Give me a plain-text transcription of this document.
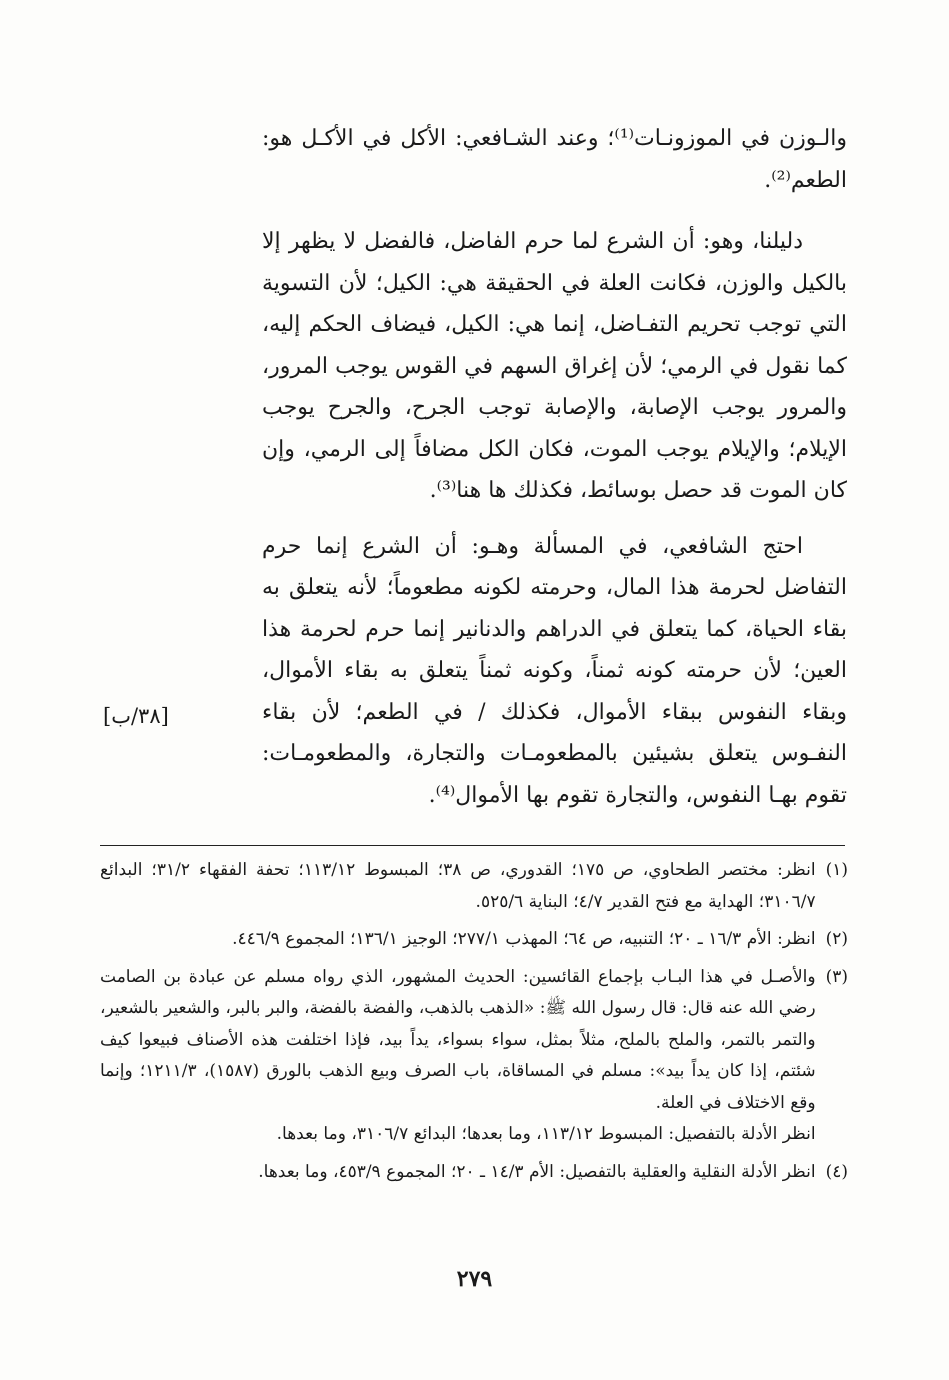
والـوزن في الموزونـات⁽¹⁾؛ وعند الشـافعي: الأكل في الأكـل هو: الطعم⁽²⁾.

دليلنا، وهو: أن الشرع لما حرم الفاضل، فالفضل لا يظهر إلا بالكيل والوزن، فكانت العلة في الحقيقة هي: الكيل؛ لأن التسوية التي توجب تحريم التفـاضل، إنما هي: الكيل، فيضاف الحكم إليه، كما نقول في الرمي؛ لأن إغراق السهم في القوس يوجب المرور، والمرور يوجب الإصابة، والإصابة توجب الجرح، والجرح يوجب الإيلام؛ والإيلام يوجب الموت، فكان الكل مضافاً إلى الرمي، وإن كان الموت قد حصل بوسائط، فكذلك ها هنا⁽³⁾.

احتج الشافعي، في المسألة وهـو: أن الشرع إنما حرم التفاضل لحرمة هذا المال، وحرمته لكونه مطعوماً؛ لأنه يتعلق به بقاء الحياة، كما يتعلق في الدراهم والدنانير إنما حرم لحرمة هذا العين؛ لأن حرمته كونه ثمناً، وكونه ثمناً يتعلق به بقاء الأموال، وبقاء النفوس ببقاء الأموال، فكذلك / في الطعم؛ لأن بقاء النفـوس يتعلق بشيئين بالمطعومـات والتجارة، والمطعومـات: تقوم بهـا النفوس، والتجارة تقوم بها الأموال⁽⁴⁾.

[٣٨/ب]
(١)

انظر: مختصر الطحاوي، ص ١٧٥؛ القدوري، ص ٣٨؛ المبسوط ١١٣/١٢؛ تحفة الفقهاء ٣١/٢؛ البدائع ٣١٠٦/٧؛ الهداية مع فتح القدير ٤/٧؛ البناية ٥٢٥/٦.

(٢)

انظر: الأم ١٦/٣ ـ ٢٠؛ التنبيه، ص ٦٤؛ المهذب ٢٧٧/١؛ الوجيز ١٣٦/١؛ المجموع ٤٤٦/٩.

(٣)

والأصـل في هذا البـاب بإجماع القائسين: الحديث المشهور، الذي رواه مسلم عن عبادة بن الصامت رضي الله عنه قال: قال رسول الله ﷺ: «الذهب بالذهب، والفضة بالفضة، والبر بالبر، والشعير بالشعير، والتمر بالتمر، والملح بالملح، مثلاً بمثل، سواء بسواء، يداً بيد، فإذا اختلفت هذه الأصناف فبيعوا كيف شئتم، إذا كان يداً بيد»: مسلم في المساقاة، باب الصرف وبيع الذهب بالورق (١٥٨٧)، ١٢١١/٣؛ وإنما وقع الاختلاف في العلة.

انظر الأدلة بالتفصيل: المبسوط ١١٣/١٢، وما بعدها؛ البدائع ٣١٠٦/٧، وما بعدها.

(٤)

انظر الأدلة النقلية والعقلية بالتفصيل: الأم ١٤/٣ ـ ٢٠؛ المجموع ٤٥٣/٩، وما بعدها.

٢٧٩
